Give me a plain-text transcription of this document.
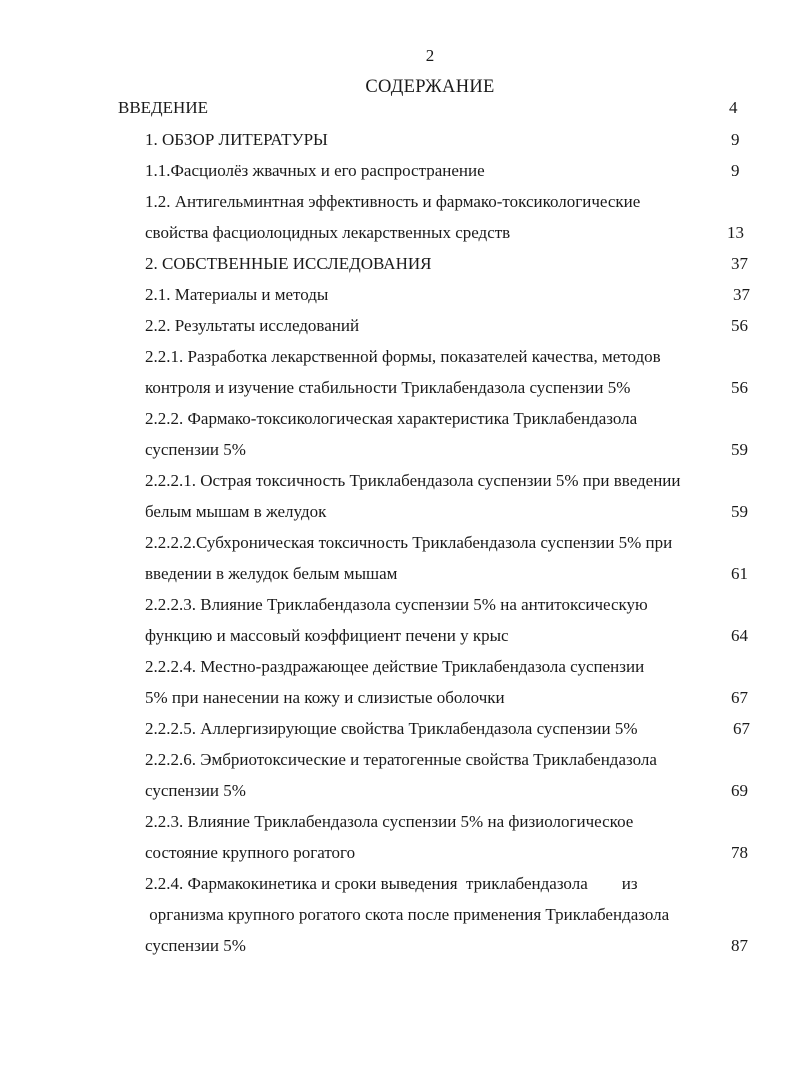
2
СОДЕРЖАНИЕ
ВВЕДЕНИЕ	4
1. ОБЗОР ЛИТЕРАТУРЫ	9
1.1.Фасциолёз жвачных и его распространение	9
1.2. Антигельминтная эффективность и фармако-токсикологические
свойства фасциолоцидных лекарственных средств	13
2. СОБСТВЕННЫЕ ИССЛЕДОВАНИЯ	37
2.1. Материалы и методы	37
2.2. Результаты исследований	56
2.2.1. Разработка лекарственной формы, показателей качества, методов
контроля и изучение стабильности Триклабендазола суспензии 5%	56
2.2.2. Фармако-токсикологическая характеристика Триклабендазола
суспензии 5%	59
2.2.2.1. Острая токсичность Триклабендазола суспензии 5% при введении
белым мышам в желудок	59
2.2.2.2.Субхроническая токсичность Триклабендазола суспензии 5% при
введении в желудок белым мышам	61
2.2.2.3. Влияние Триклабендазола суспензии 5% на антитоксическую
функцию и массовый коэффициент печени у крыс	64
2.2.2.4. Местно-раздражающее действие Триклабендазола суспензии
5% при нанесении на кожу и слизистые оболочки	67
2.2.2.5. Аллергизирующие свойства Триклабендазола суспензии 5%	67
2.2.2.6. Эмбриотоксические и тератогенные свойства Триклабендазола
суспензии 5%	69
2.2.3. Влияние Триклабендазола суспензии 5% на физиологическое
состояние крупного рогатого	78
2.2.4. Фармакокинетика и сроки выведения  триклабендазола        из
организма крупного рогатого скота после применения Триклабендазола
суспензии 5%	87
